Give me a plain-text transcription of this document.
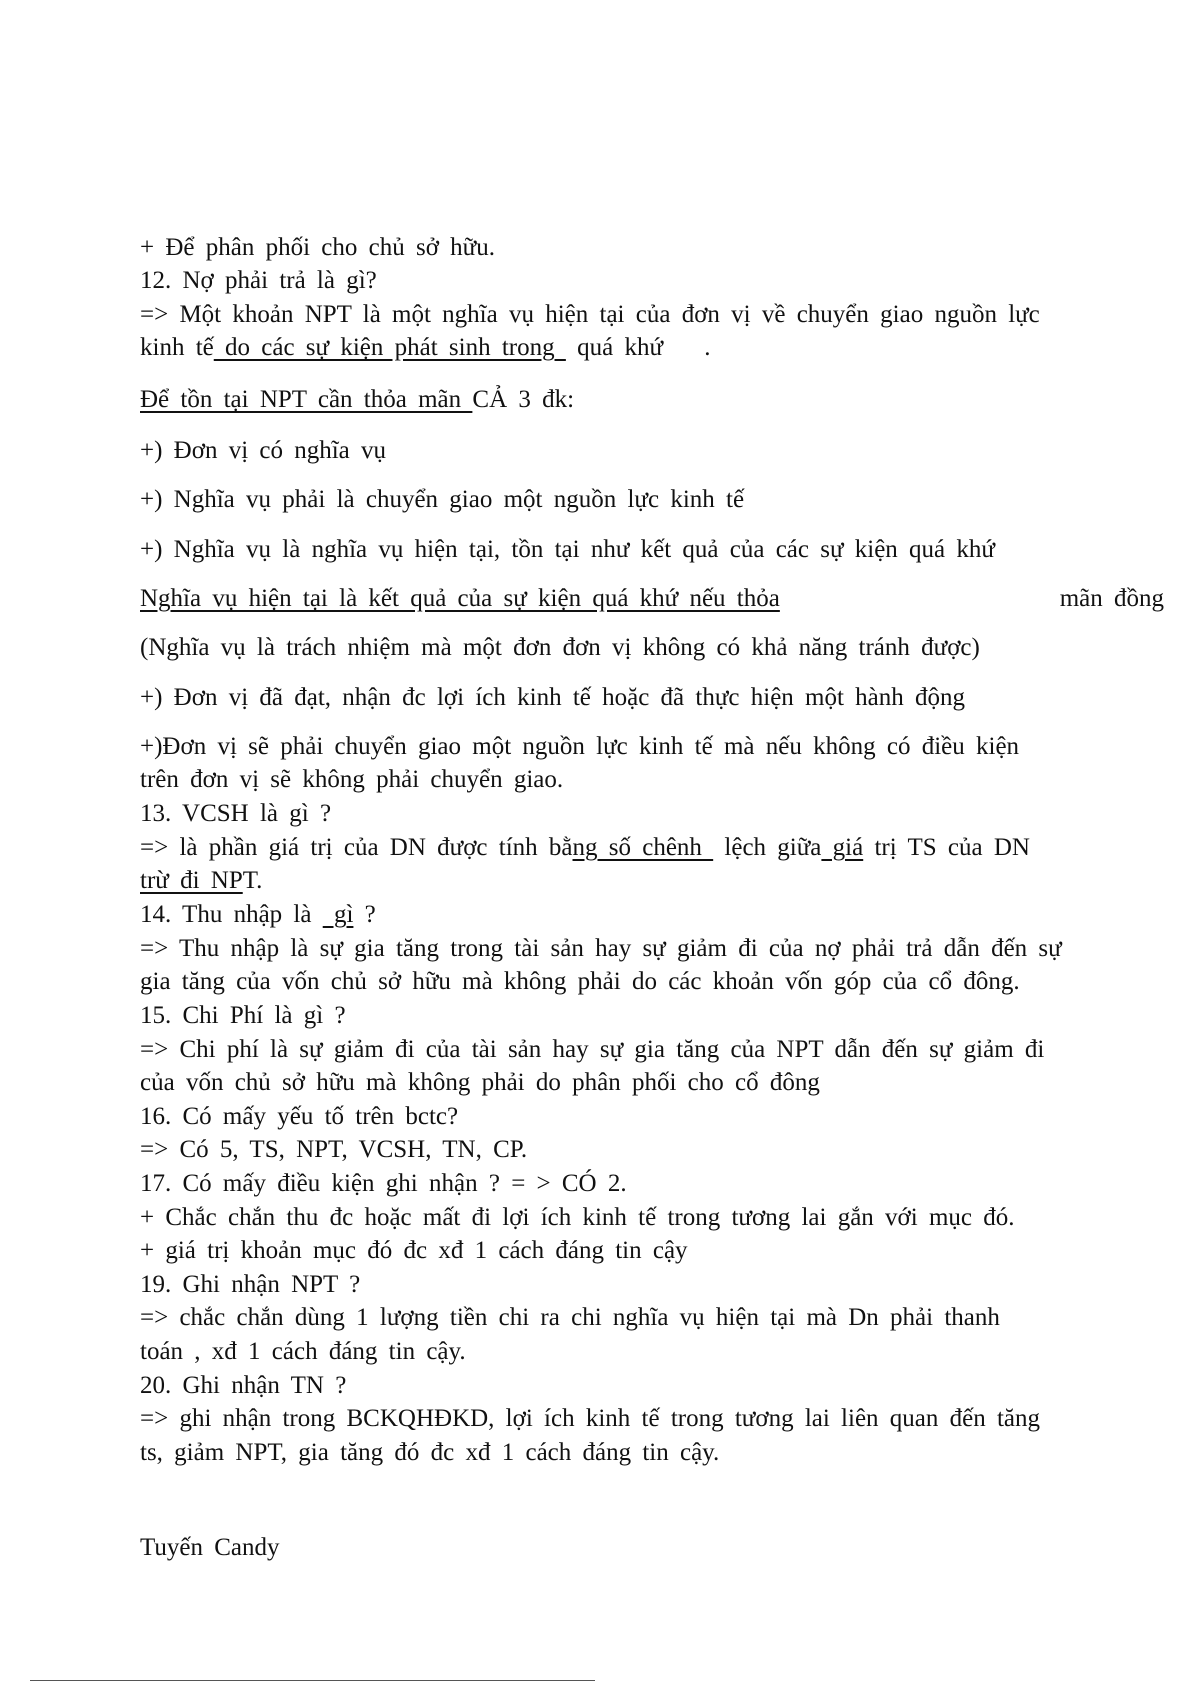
+ Để phân phối cho chủ sở hữu.
12. Nợ phải trả là gì?
=> Một khoản NPT là một nghĩa vụ hiện tại của đơn vị về chuyển giao nguồn lực
kinh tế do các sự kiện phát sinh trong  quá khứ .
Để tồn tại NPT cần thỏa mãn CẢ 3 đk:
+) Đơn vị có nghĩa vụ
+) Nghĩa vụ phải là chuyển giao một nguồn lực kinh tế
+) Nghĩa vụ là nghĩa vụ hiện tại, tồn tại như kết quả của các sự kiện quá khứ
Nghĩa vụ hiện tại là kết quả của sự kiện quá khứ nếu thỏa	mãn đồng
(Nghĩa vụ là trách nhiệm mà một đơn đơn vị không có khả năng tránh được)
+) Đơn vị đã đạt, nhận đc lợi ích kinh tế hoặc đã thực hiện một hành động
+)Đơn vị sẽ phải chuyển giao một nguồn lực kinh tế mà nếu không có điều kiện
trên đơn vị sẽ không phải chuyển giao.
13. VCSH là gì ?
=> là phần giá trị của DN được tính bằng số chênh  lệch giữa giá trị TS của DN
trừ đi NPT.
14. Thu nhập là  gì ?
=> Thu nhập là sự gia tăng trong tài sản hay sự giảm đi của nợ phải trả dẫn đến sự
gia tăng của vốn chủ sở hữu mà không phải do các khoản vốn góp của cổ đông.
15. Chi Phí là gì ?
=> Chi phí là sự giảm đi của tài sản hay sự gia tăng của NPT dẫn đến sự giảm đi
của vốn chủ sở hữu mà không phải do phân phối cho cổ đông
16. Có mấy yếu tố trên bctc?
=> Có 5, TS, NPT, VCSH, TN, CP.
17. Có mấy điều kiện ghi nhận ? = > CÓ 2.
+ Chắc chắn thu đc hoặc mất đi lợi ích kinh tế trong tương lai gắn với mục đó.
+ giá trị khoản mục đó đc xđ 1 cách đáng tin cậy
19. Ghi nhận NPT ?
=> chắc chắn dùng 1 lượng tiền chi ra chi nghĩa vụ hiện tại mà Dn phải thanh
toán , xđ 1 cách đáng tin cậy.
20. Ghi nhận TN ?
=> ghi nhận trong BCKQHĐKD, lợi ích kinh tế trong tương lai liên quan đến tăng
ts, giảm NPT, gia tăng đó đc xđ 1 cách đáng tin cậy.
Tuyến Candy
